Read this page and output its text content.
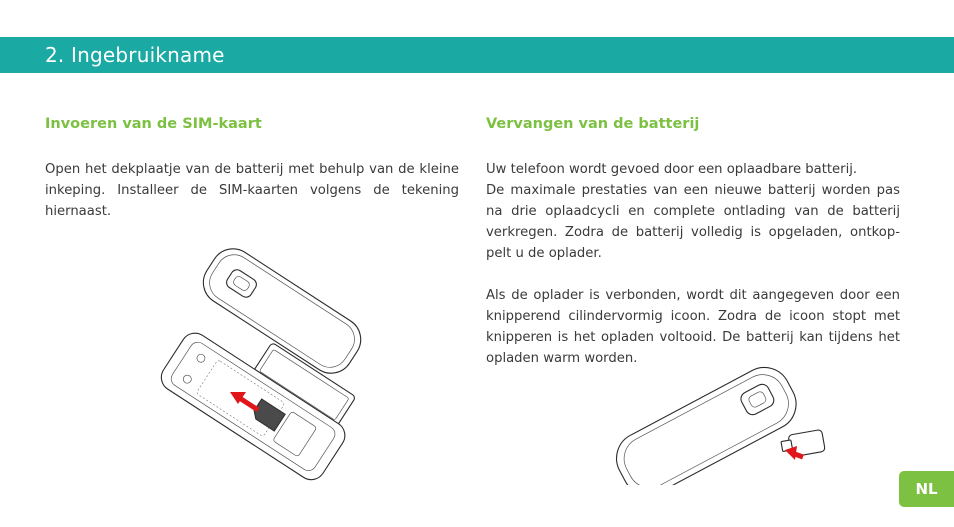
2. Ingebruikname
Invoeren van de SIM-kaart

Open het dekplaatje van de batterij met behulp van de kleine inkeping. Installeer de SIM-kaarten volgens de tekening hiernaast.

Vervangen van de batterij

Uw telefoon wordt gevoed door een oplaadbare batterij.
De maximale prestaties van een nieuwe batterij worden pas na drie oplaadcycli en complete ontlading van de batterij verkregen. Zodra de batterij volledig is opgeladen, ontkop-pelt u de oplader.

Als de oplader is verbonden, wordt dit aangegeven door een knipperend cilindervormig icoon. Zodra de icoon stopt met knipperen is het opladen voltooid. De batterij kan tijdens het opladen warm worden.

NL
